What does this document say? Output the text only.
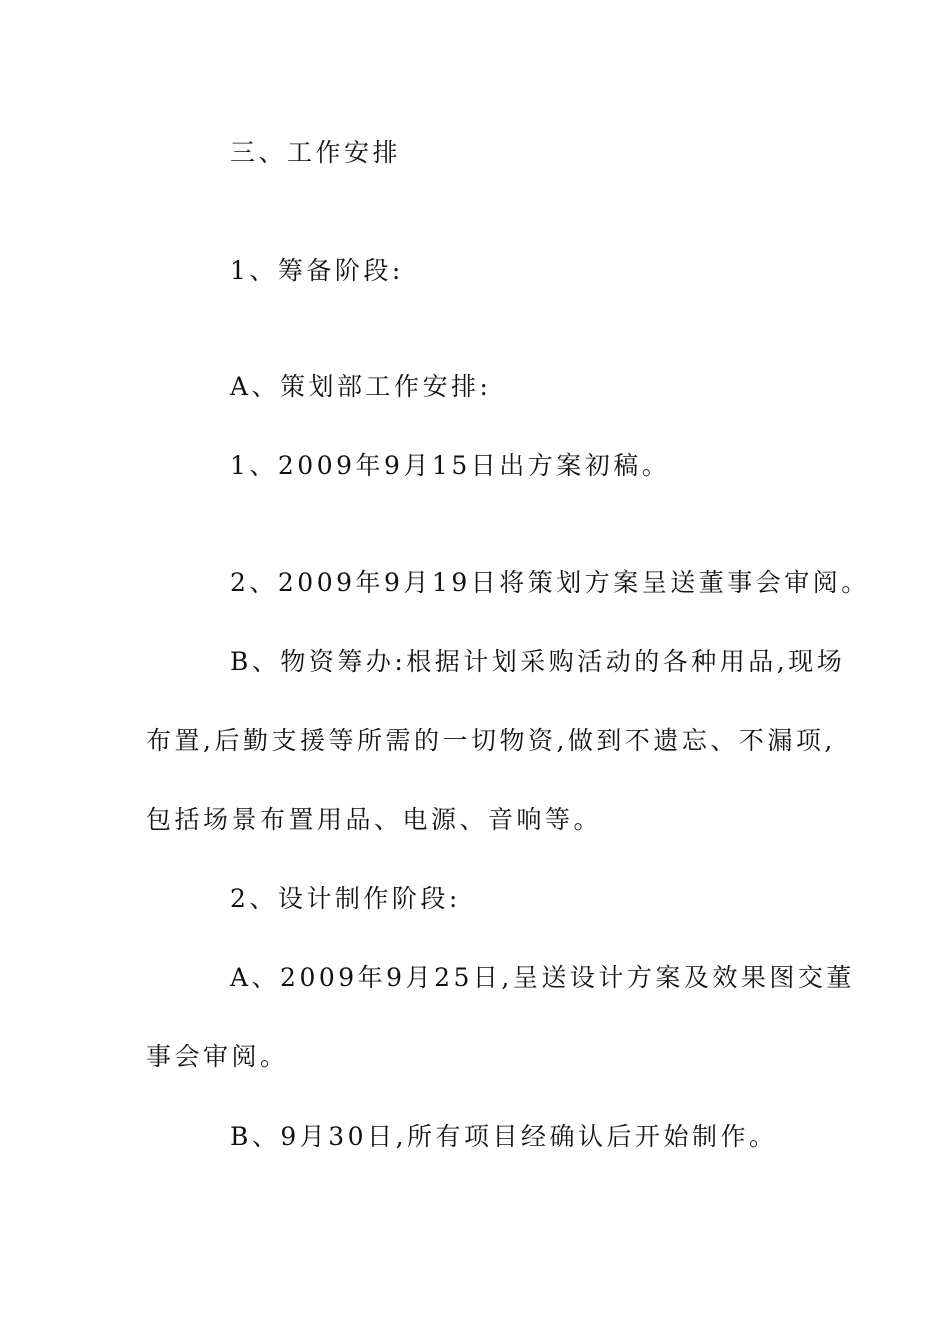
三、工作安排
1、筹备阶段:
A、策划部工作安排:
1、2009年9月15日出方案初稿。
2、2009年9月19日将策划方案呈送董事会审阅。
B、物资筹办:根据计划采购活动的各种用品,现场
布置,后勤支援等所需的一切物资,做到不遗忘、不漏项,
包括场景布置用品、电源、音响等。
2、设计制作阶段:
A、2009年9月25日,呈送设计方案及效果图交董
事会审阅。
B、9月30日,所有项目经确认后开始制作。
